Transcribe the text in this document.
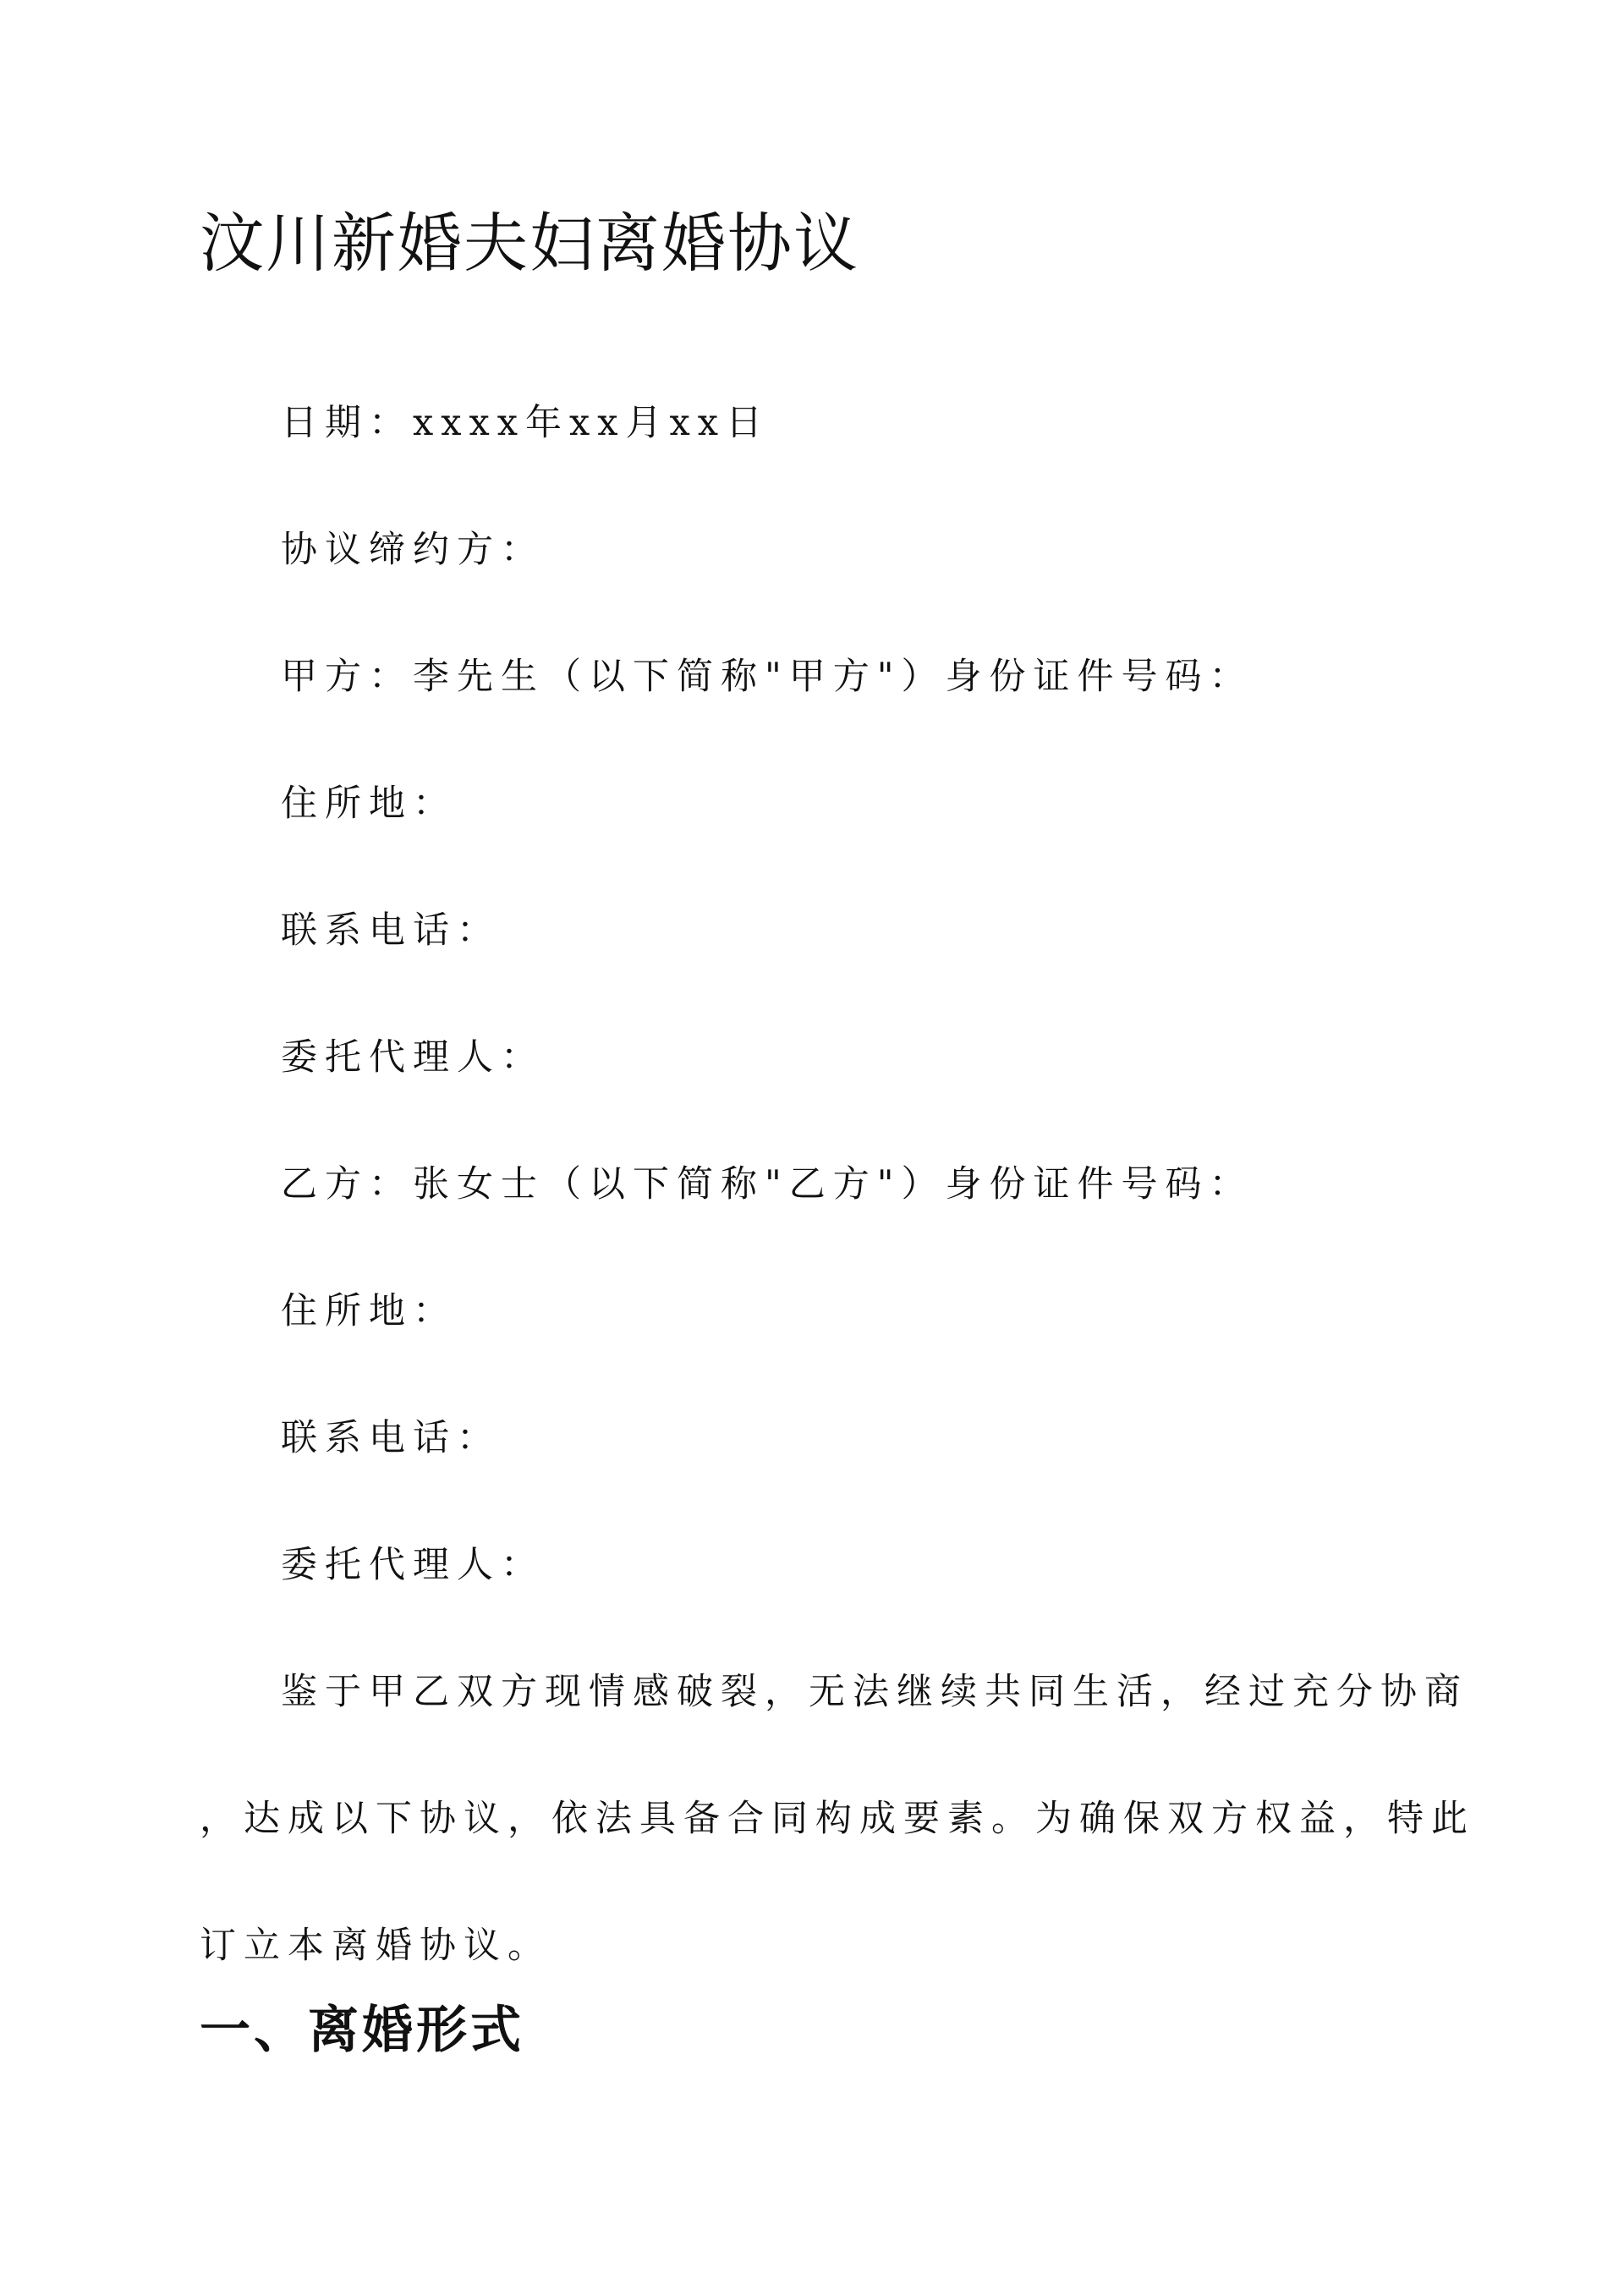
汶川新婚夫妇离婚协议

日期：xxxx年xx月xx日

协议缔约方：

甲方：李先生（以下简称"甲方"）身份证件号码：

住所地：

联系电话：

委托代理人：

乙方：张女士（以下简称"乙方"）身份证件号码：

住所地：

联系电话：

委托代理人：

鉴于甲乙双方现情感破裂，无法继续共同生活，经过充分协商
，达成以下协议，依法具备合同构成要素。为确保双方权益，特此
订立本离婚协议。
一、离婚形式
